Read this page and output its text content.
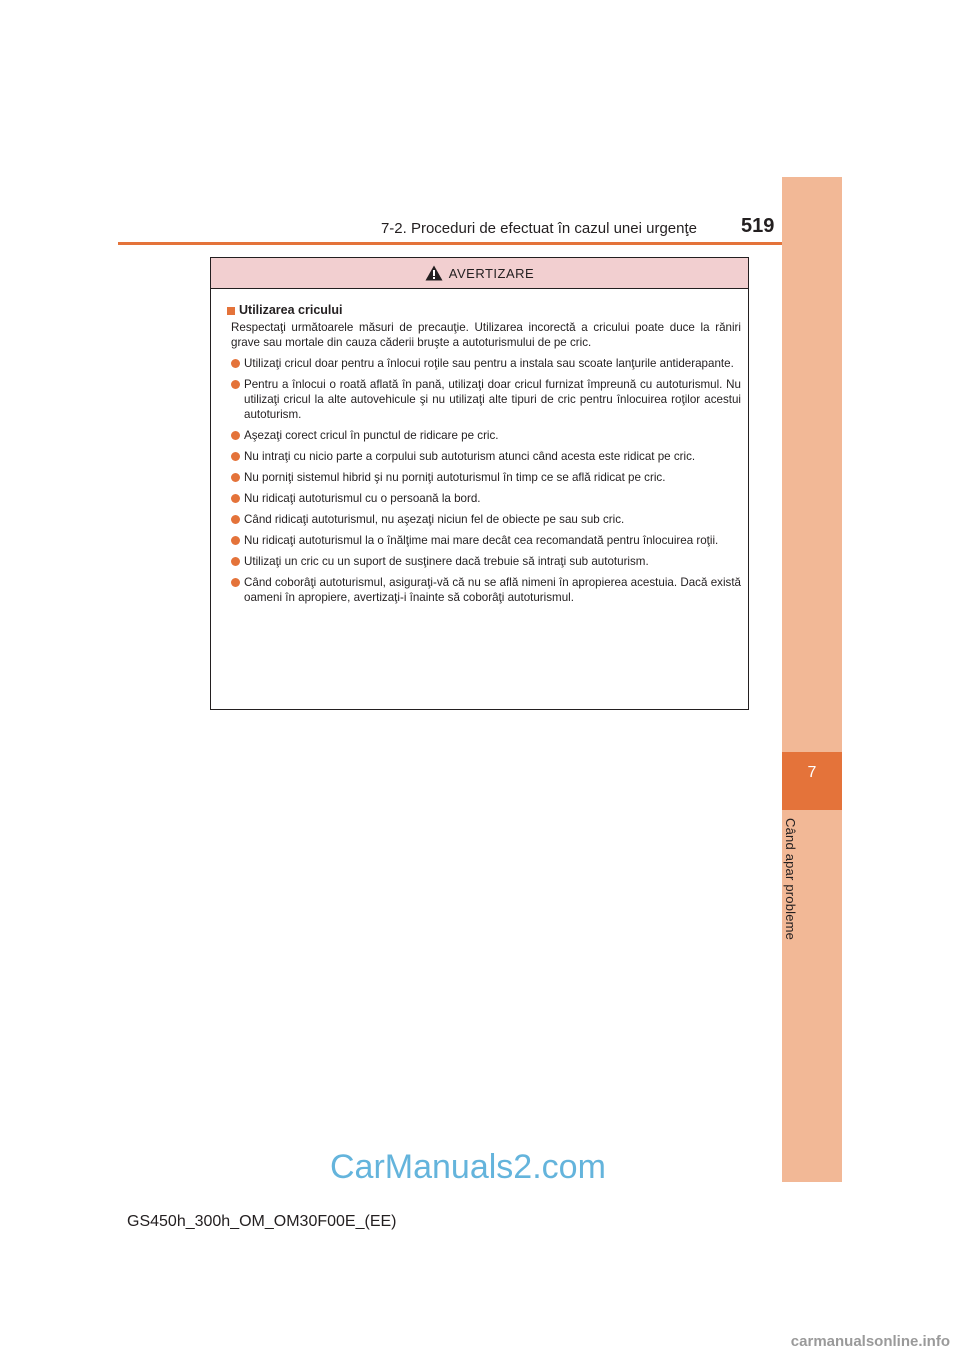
7
Când apar probleme
7-2. Proceduri de efectuat în cazul unei urgenţe 519
AVERTIZARE
Utilizarea cricului
Respectaţi următoarele măsuri de precauţie. Utilizarea incorectă a cricului poate duce la răniri grave sau mortale din cauza căderii bruşte a autoturismului de pe cric.
Utilizaţi cricul doar pentru a înlocui roţile sau pentru a instala sau scoate lanţurile antiderapante.
Pentru a înlocui o roată aflată în pană, utilizaţi doar cricul furnizat împreună cu autoturismul. Nu utilizaţi cricul la alte autovehicule şi nu utilizaţi alte tipuri de cric pentru înlocuirea roţilor acestui autoturism.
Aşezaţi corect cricul în punctul de ridicare pe cric.
Nu intraţi cu nicio parte a corpului sub autoturism atunci când acesta este ridicat pe cric.
Nu porniţi sistemul hibrid şi nu porniţi autoturismul în timp ce se află ridicat pe cric.
Nu ridicaţi autoturismul cu o persoană la bord.
Când ridicaţi autoturismul, nu aşezaţi niciun fel de obiecte pe sau sub cric.
Nu ridicaţi autoturismul la o înălţime mai mare decât cea recomandată pentru înlocuirea roţii.
Utilizaţi un cric cu un suport de susţinere dacă trebuie să intraţi sub autoturism.
Când coborâţi autoturismul, asiguraţi-vă că nu se află nimeni în apropierea acestuia. Dacă există oameni în apropiere, avertizaţi-i înainte să coborâţi autoturismul.
CarManuals2.com
GS450h_300h_OM_OM30F00E_(EE)
carmanualsonline.info
